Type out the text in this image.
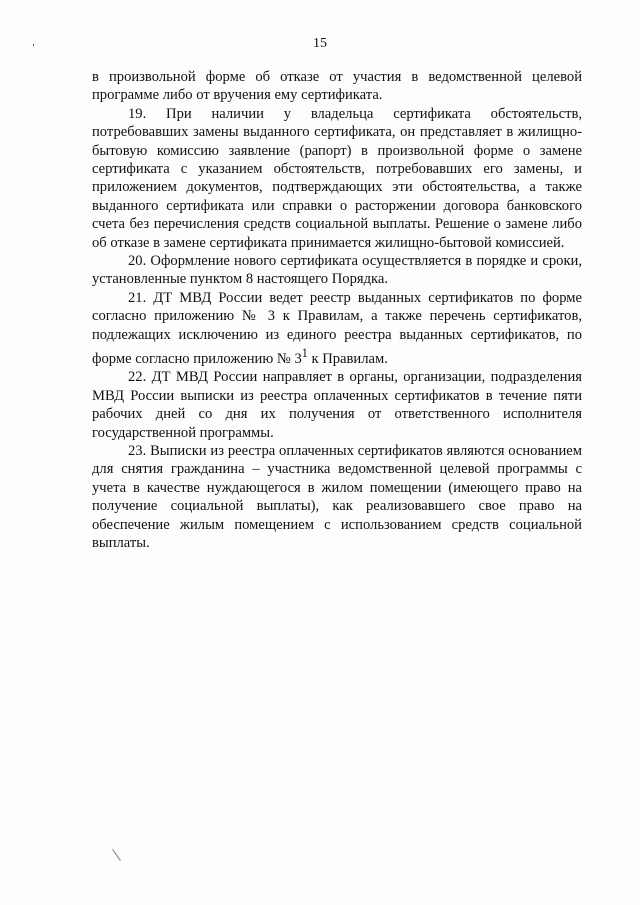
15

в произвольной форме об отказе от участия в ведомственной целевой программе либо от вручения ему сертификата.

19. При наличии у владельца сертификата обстоятельств, потребовавших замены выданного сертификата, он представляет в жилищно-бытовую комиссию заявление (рапорт) в произвольной форме о замене сертификата с указанием обстоятельств, потребовавших его замены, и приложением документов, подтверждающих эти обстоятельства, а также выданного сертификата или справки о расторжении договора банковского счета без перечисления средств социальной выплаты. Решение о замене либо об отказе в замене сертификата принимается жилищно-бытовой комиссией.

20. Оформление нового сертификата осуществляется в порядке и сроки, установленные пунктом 8 настоящего Порядка.

21. ДТ МВД России ведет реестр выданных сертификатов по форме согласно приложению № 3 к Правилам, а также перечень сертификатов, подлежащих исключению из единого реестра выданных сертификатов, по форме согласно приложению № $3^1$ к Правилам.

22. ДТ МВД России направляет в органы, организации, подразделения МВД России выписки из реестра оплаченных сертификатов в течение пяти рабочих дней со дня их получения от ответственного исполнителя государственной программы.

23. Выписки из реестра оплаченных сертификатов являются основанием для снятия гражданина – участника ведомственной целевой программы с учета в качестве нуждающегося в жилом помещении (имеющего право на получение социальной выплаты), как реализовавшего свое право на обеспечение жилым помещением с использованием средств социальной выплаты.
